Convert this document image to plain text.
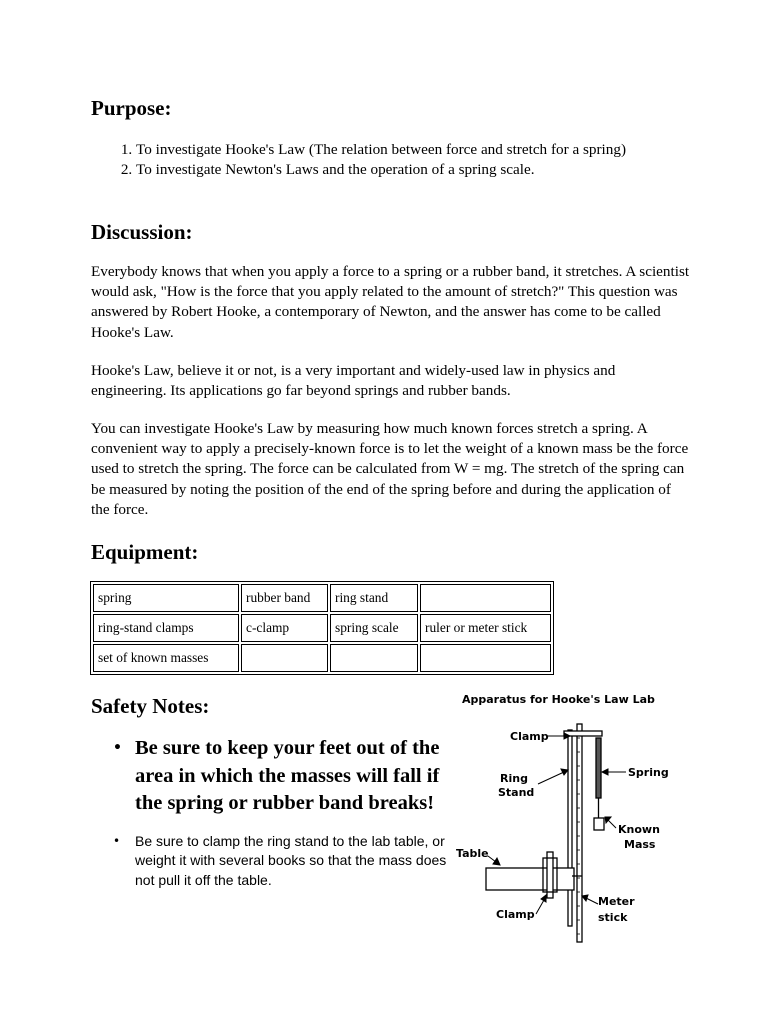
Purpose:
1. To investigate Hooke's Law (The relation between force and stretch for a spring)
2. To investigate Newton's Laws and the operation of a spring scale.
Discussion:

Everybody knows that when you apply a force to a spring or a rubber band, it stretches. A scientist would ask, "How is the force that you apply related to the amount of stretch?" This question was answered by Robert Hooke, a contemporary of Newton, and the answer has come to be called Hooke's Law.

Hooke's Law, believe it or not, is a very important and widely-used law in physics and engineering. Its applications go far beyond springs and rubber bands.

You can investigate Hooke's Law by measuring how much known forces stretch a spring. A convenient way to apply a precisely-known force is to let the weight of a known mass be the force used to stretch the spring. The force can be calculated from W = mg. The stretch of the spring can be measured by noting the position of the end of the spring before and during the application of the force.

Equipment:
spring	rubber band	ring stand	
ring-stand clamps	c-clamp	spring scale	ruler or meter stick
set of known masses			
Safety Notes:
• Be sure to keep your feet out of the area in which the masses will fall if the spring or rubber band breaks!
• Be sure to clamp the ring stand to the lab table, or weight it with several books so that the mass does not pull it off the table.
Apparatus for Hooke's Law Lab
Clamp
Ring
Stand
Spring
Known
Mass
Table
Clamp
Meter
stick
